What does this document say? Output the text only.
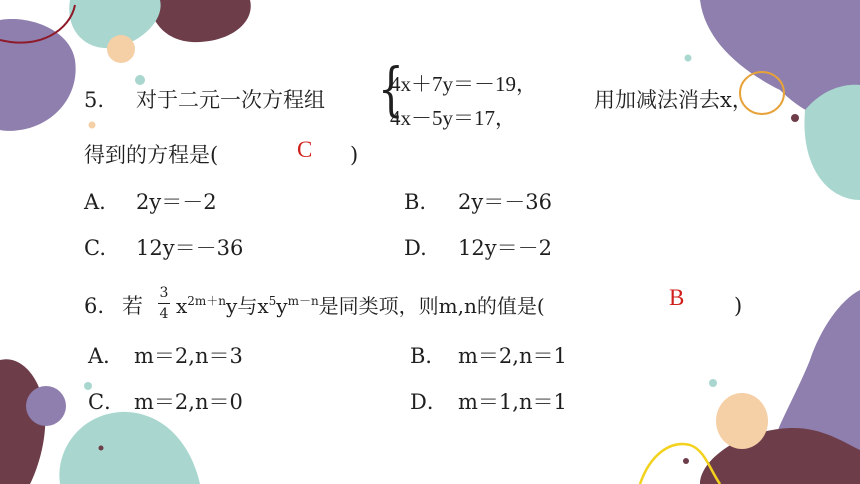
5. 对于二元一次方程组 {
4x＋7y＝－19，
4x－5y＝17，
用加减法消去x，
得到的方程是(	C )
A. 2y＝－2	B. 2y＝－36
C. 12y＝－36	D. 12y＝－2
6. 若
3
4 $x^{2m+n}y$与$x^5y^{m-n}$是同类项，则m,n的值是(	B )
A． m＝2,n＝3	B． m＝2,n＝1
C． m＝2,n＝0	D． m＝1,n＝1
